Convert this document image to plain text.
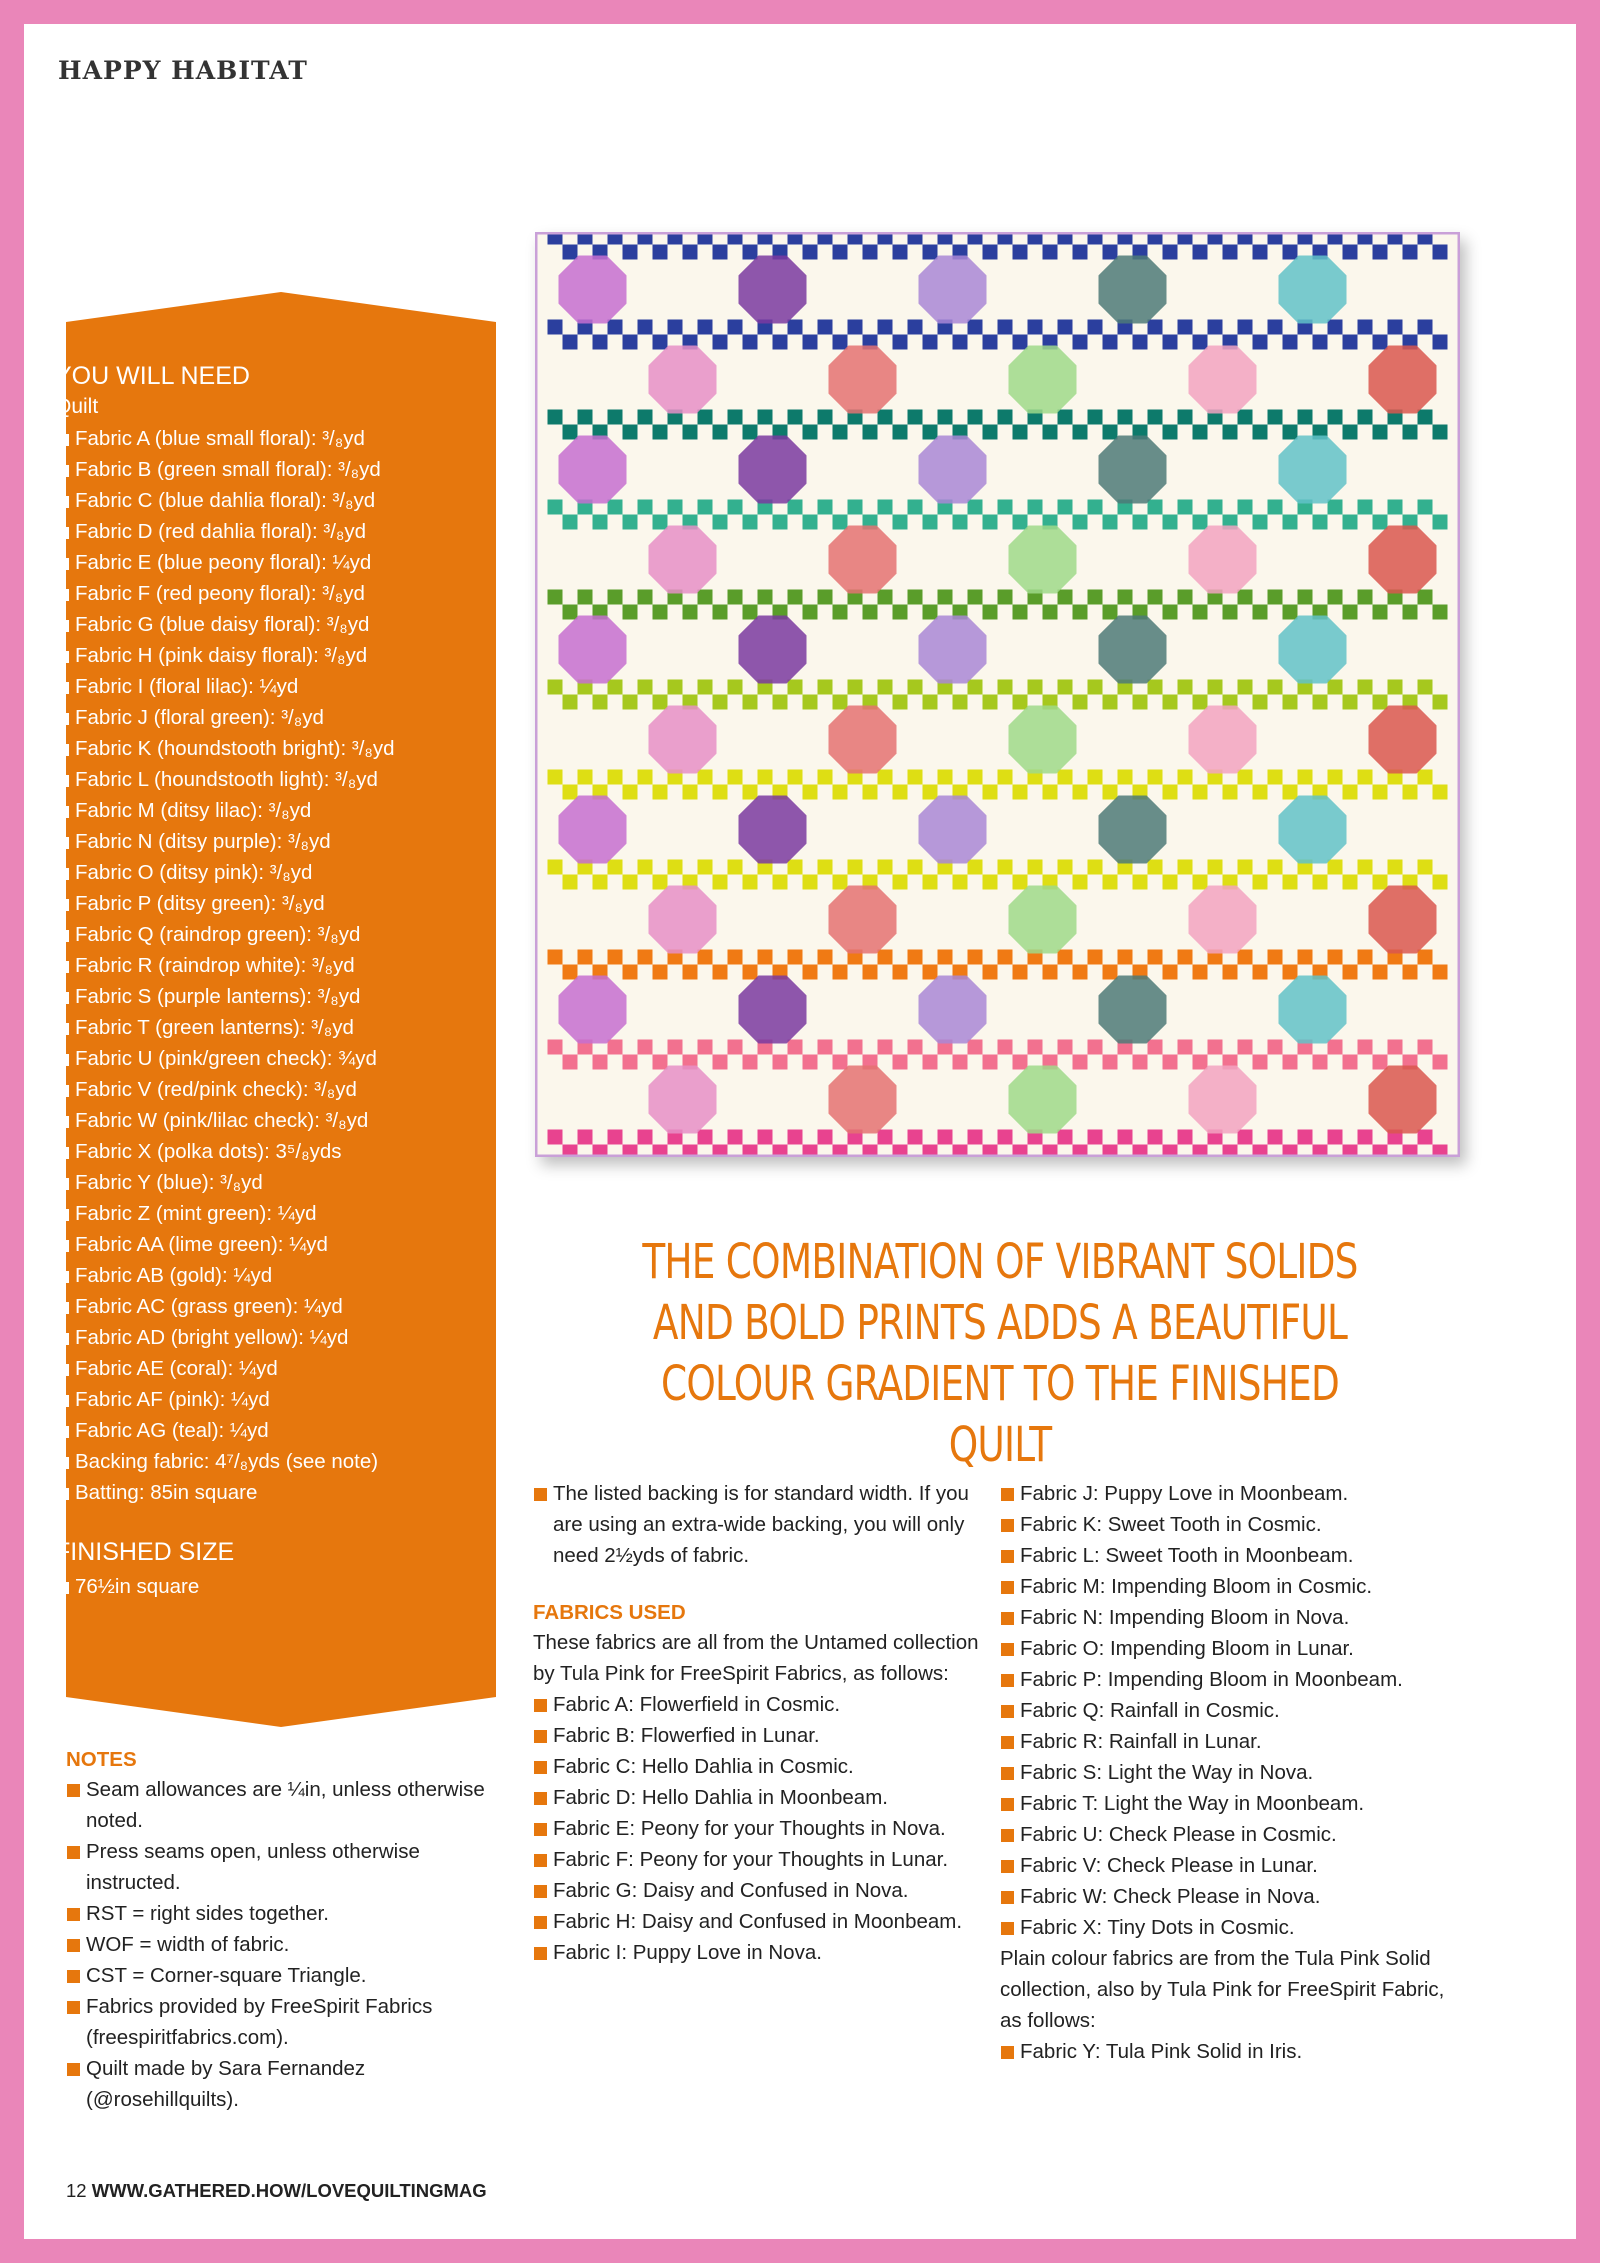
HAPPY HABITAT
YOU WILL NEED
Quilt
Fabric A (blue small floral): ³/₈yd
Fabric B (green small floral): ³/₈yd
Fabric C (blue dahlia floral): ³/₈yd
Fabric D (red dahlia floral): ³/₈yd
Fabric E (blue peony floral): ¼yd
Fabric F (red peony floral): ³/₈yd
Fabric G (blue daisy floral): ³/₈yd
Fabric H (pink daisy floral): ³/₈yd
Fabric I (floral lilac): ¼yd
Fabric J (floral green): ³/₈yd
Fabric K (houndstooth bright): ³/₈yd
Fabric L (houndstooth light): ³/₈yd
Fabric M (ditsy lilac): ³/₈yd
Fabric N (ditsy purple): ³/₈yd
Fabric O (ditsy pink): ³/₈yd
Fabric P (ditsy green): ³/₈yd
Fabric Q (raindrop green): ³/₈yd
Fabric R (raindrop white): ³/₈yd
Fabric S (purple lanterns): ³/₈yd
Fabric T (green lanterns): ³/₈yd
Fabric U (pink/green check): ¾yd
Fabric V (red/pink check): ³/₈yd
Fabric W (pink/lilac check): ³/₈yd
Fabric X (polka dots): 3⁵/₈yds
Fabric Y (blue): ³/₈yd
Fabric Z (mint green): ¼yd
Fabric AA (lime green): ¼yd
Fabric AB (gold): ¼yd
Fabric AC (grass green): ¼yd
Fabric AD (bright yellow): ¼yd
Fabric AE (coral): ¼yd
Fabric AF (pink): ¼yd
Fabric AG (teal): ¼yd
Backing fabric: 4⁷/₈yds (see note)
Batting: 85in square
FINISHED SIZE
76½in square
NOTES
Seam allowances are ¼in, unless otherwise noted.
Press seams open, unless otherwise instructed.
RST = right sides together.
WOF = width of fabric.
CST = Corner-square Triangle.
Fabrics provided by FreeSpirit Fabrics (freespiritfabrics.com).
Quilt made by Sara Fernandez (@rosehillquilts).
THE COMBINATION OF VIBRANT SOLIDS AND BOLD PRINTS ADDS A BEAUTIFUL COLOUR GRADIENT TO THE FINISHED QUILT
The listed backing is for standard width. If you are using an extra-wide backing, you will only need 2½yds of fabric.
FABRICS USED
These fabrics are all from the Untamed collection by Tula Pink for FreeSpirit Fabrics, as follows:
Fabric A: Flowerfield in Cosmic.
Fabric B: Flowerfied in Lunar.
Fabric C: Hello Dahlia in Cosmic.
Fabric D: Hello Dahlia in Moonbeam.
Fabric E: Peony for your Thoughts in Nova.
Fabric F: Peony for your Thoughts in Lunar.
Fabric G: Daisy and Confused in Nova.
Fabric H: Daisy and Confused in Moonbeam.
Fabric I: Puppy Love in Nova.
Fabric J: Puppy Love in Moonbeam.
Fabric K: Sweet Tooth in Cosmic.
Fabric L: Sweet Tooth in Moonbeam.
Fabric M: Impending Bloom in Cosmic.
Fabric N: Impending Bloom in Nova.
Fabric O: Impending Bloom in Lunar.
Fabric P: Impending Bloom in Moonbeam.
Fabric Q: Rainfall in Cosmic.
Fabric R: Rainfall in Lunar.
Fabric S: Light the Way in Nova.
Fabric T: Light the Way in Moonbeam.
Fabric U: Check Please in Cosmic.
Fabric V: Check Please in Lunar.
Fabric W: Check Please in Nova.
Fabric X: Tiny Dots in Cosmic.
Plain colour fabrics are from the Tula Pink Solid collection, also by Tula Pink for FreeSpirit Fabric, as follows:
Fabric Y: Tula Pink Solid in Iris.
12 WWW.GATHERED.HOW/LOVEQUILTINGMAG
